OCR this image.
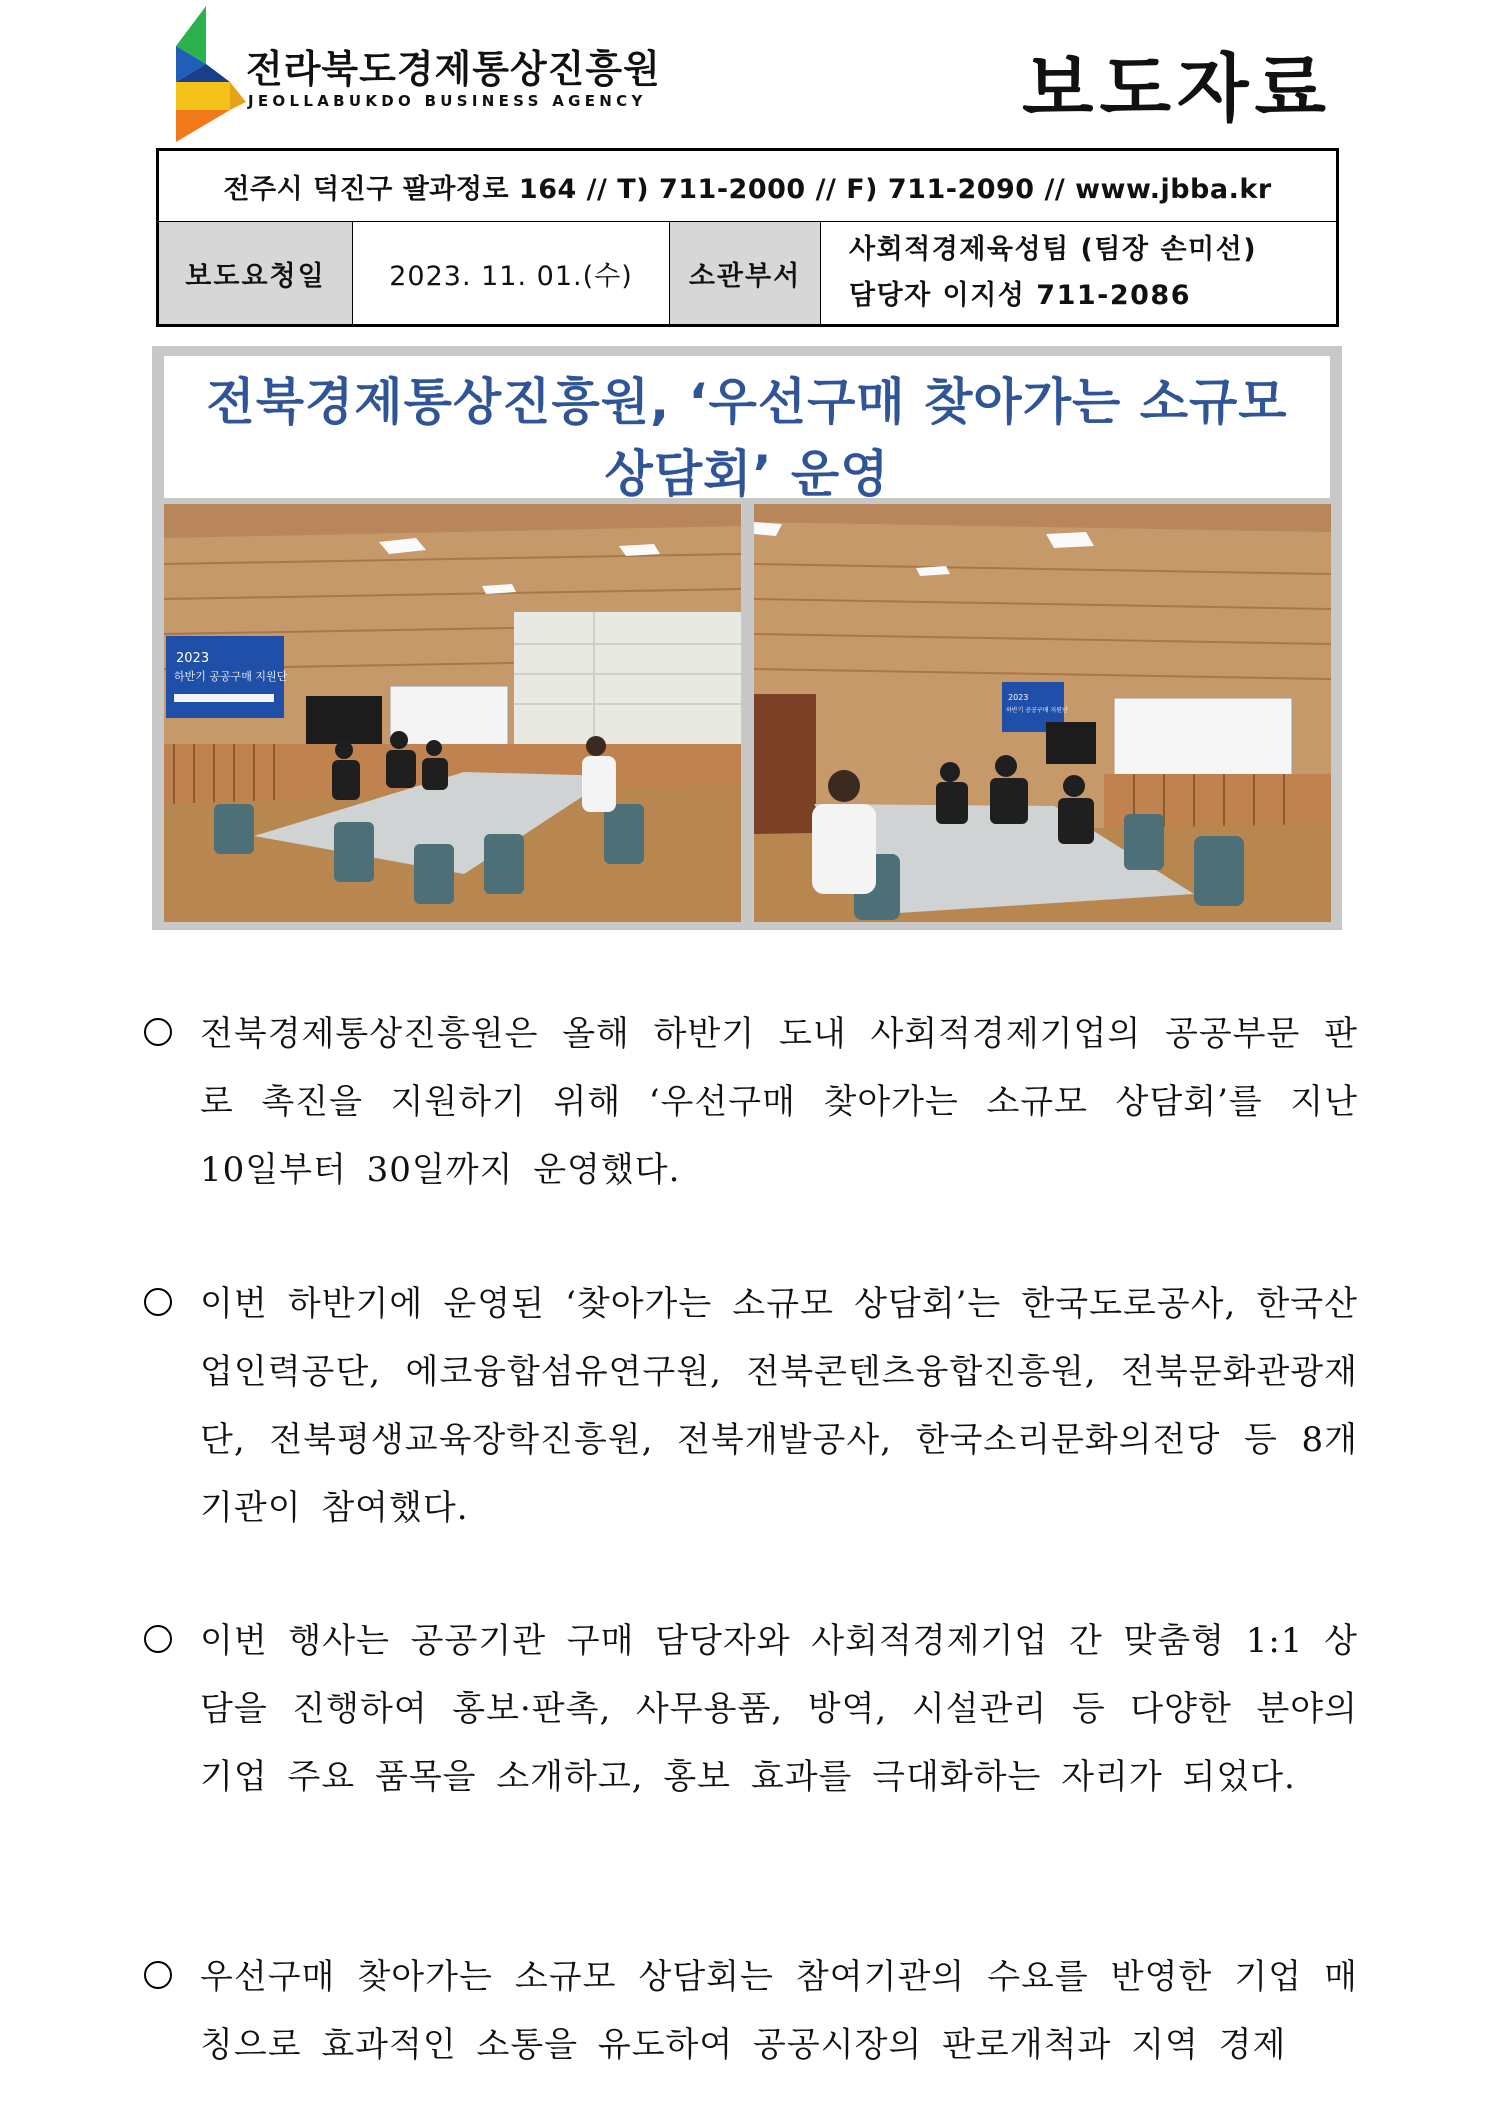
전라북도경제통상진흥원
JEOLLABUKDO BUSINESS AGENCY	보도자료
전주시 덕진구 팔과정로 164 // T) 711-2000 // F) 711-2090 // www.jbba.kr
보도요청일	2023. 11. 01.(수)	소관부서	
사회적경제육성팀 (팀장 손미선)
담당자 이지성 711-2086

전북경제통상진흥원, ‘우선구매 찾아가는 소규모
상담회’ 운영

2023
하반기 공공구매 지원단
2023
하반기 공공구매 지원단

전북경제통상진흥원은 올해 하반기 도내 사회적경제기업의 공공부문 판로 촉진을 지원하기 위해 ‘우선구매 찾아가는 소규모 상담회’를 지난 10일부터 30일까지 운영했다.

이번 하반기에 운영된 ‘찾아가는 소규모 상담회’는 한국도로공사, 한국산업인력공단, 에코융합섬유연구원, 전북콘텐츠융합진흥원, 전북문화관광재단, 전북평생교육장학진흥원, 전북개발공사, 한국소리문화의전당 등 8개 기관이 참여했다.

이번 행사는 공공기관 구매 담당자와 사회적경제기업 간 맞춤형 1:1 상담을 진행하여 홍보·판촉, 사무용품, 방역, 시설관리 등 다양한 분야의 기업 주요 품목을 소개하고, 홍보 효과를 극대화하는 자리가 되었다.

우선구매 찾아가는 소규모 상담회는 참여기관의 수요를 반영한 기업 매칭으로 효과적인 소통을 유도하여 공공시장의 판로개척과 지역 경제
